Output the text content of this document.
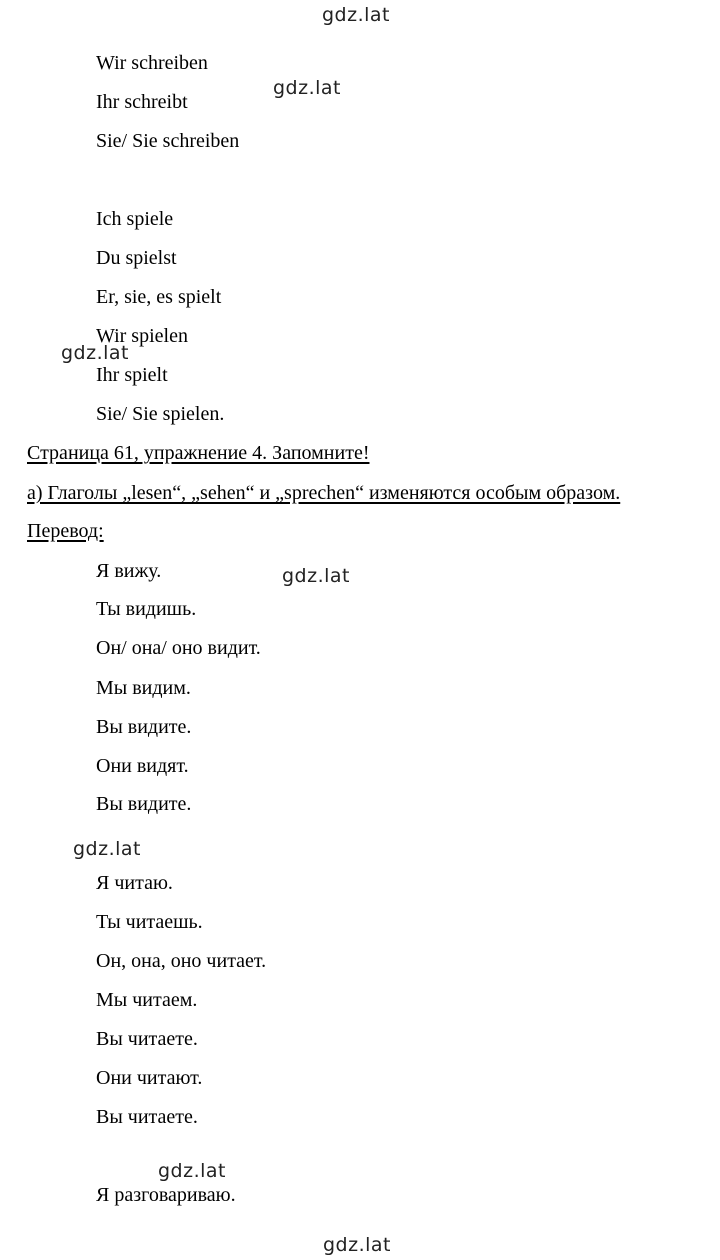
gdz.lat
gdz.lat
gdz.lat
gdz.lat
gdz.lat
gdz.lat
gdz.lat
Wir schreiben
Ihr schreibt
Sie/ Sie schreiben
Ich spiele
Du spielst
Er, sie, es spielt
Wir spielen
Ihr spielt
Sie/ Sie spielen.
Страница 61, упражнение 4. Запомните!
а) Глаголы „lesen“, „sehen“ и „sprechen“ изменяются особым образом.
Перевод:
Я вижу.
Ты видишь.
Он/ она/ оно видит.
Мы видим.
Вы видите.
Они видят.
Вы видите.
Я читаю.
Ты читаешь.
Он, она, оно читает.
Мы читаем.
Вы читаете.
Они читают.
Вы читаете.
Я разговариваю.
